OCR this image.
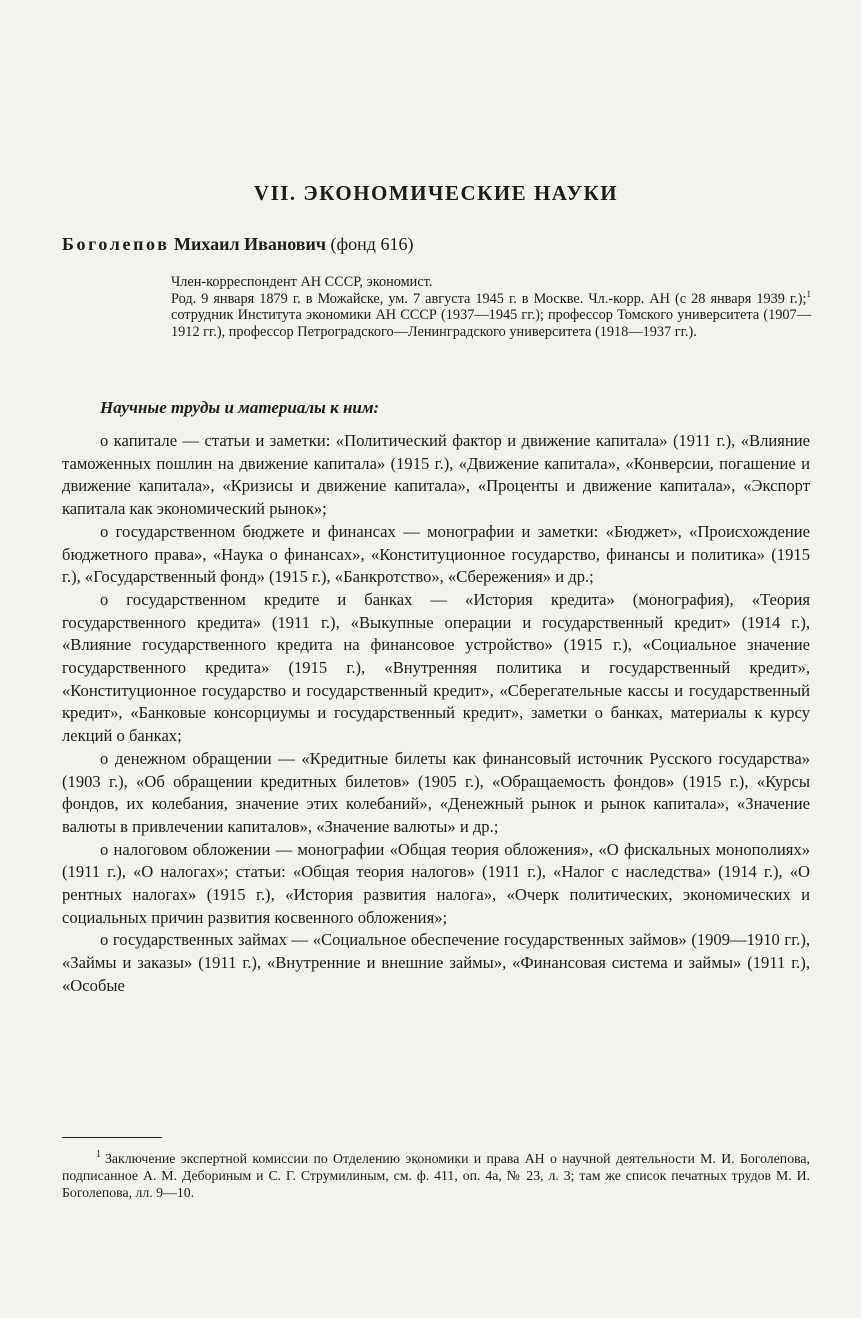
VII. ЭКОНОМИЧЕСКИЕ НАУКИ
Боголепов Михаил Иванович (фонд 616)

Член-корреспондент АН СССР, экономист.

Род. 9 января 1879 г. в Можайске, ум. 7 августа 1945 г. в Москве. Чл.-корр. АН (с 28 января 1939 г.);$^1$ сотрудник Института экономики АН СССР (1937—1945 гг.); профессор Томского университета (1907—1912 гг.), профессор Петроградского—Ленинградского университета (1918—1937 гг.).

Научные труды и материалы к ним:

о капитале — статьи и заметки: «Политический фактор и движение капитала» (1911 г.), «Влияние таможенных пошлин на движение капитала» (1915 г.), «Движение капитала», «Конверсии, погашение и движение капитала», «Кризисы и движение капитала», «Проценты и движение капитала», «Экспорт капитала как экономический рынок»;

о государственном бюджете и финансах — монографии и заметки: «Бюджет», «Происхождение бюджетного права», «Наука о финансах», «Конституционное государство, финансы и политика» (1915 г.), «Государственный фонд» (1915 г.), «Банкротство», «Сбережения» и др.;

о государственном кредите и банках — «История кредита» (монография), «Теория государственного кредита» (1911 г.), «Выкупные операции и государственный кредит» (1914 г.), «Влияние государственного кредита на финансовое устройство» (1915 г.), «Социальное значение государственного кредита» (1915 г.), «Внутренняя политика и государственный кредит», «Конституционное государство и государственный кредит», «Сберегательные кассы и государственный кредит», «Банковые консорциумы и государственный кредит», заметки о банках, материалы к курсу лекций о банках;

о денежном обращении — «Кредитные билеты как финансовый источник Русского государства» (1903 г.), «Об обращении кредитных билетов» (1905 г.), «Обращаемость фондов» (1915 г.), «Курсы фондов, их колебания, значение этих колебаний», «Денежный рынок и рынок капитала», «Значение валюты в привлечении капиталов», «Значение валюты» и др.;

о налоговом обложении — монографии «Общая теория обложения», «О фискальных монополиях» (1911 г.), «О налогах»; статьи: «Общая теория налогов» (1911 г.), «Налог с наследства» (1914 г.), «О рентных налогах» (1915 г.), «История развития налога», «Очерк политических, экономических и социальных причин развития косвенного обложения»;

о государственных займах — «Социальное обеспечение государственных займов» (1909—1910 гг.), «Займы и заказы» (1911 г.), «Внутренние и внешние займы», «Финансовая система и займы» (1911 г.), «Особые

$^1$ Заключение экспертной комиссии по Отделению экономики и права АН о научной деятельности М. И. Боголепова, подписанное А. М. Дебориным и С. Г. Струмилиным, см. ф. 411, оп. 4а, № 23, л. 3; там же список печатных трудов М. И. Боголепова, лл. 9—10.
